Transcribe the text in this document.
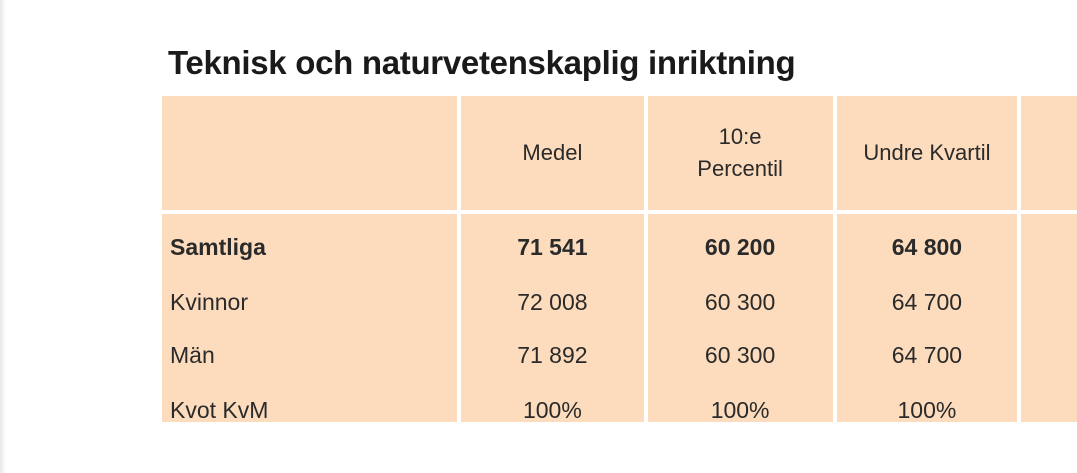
Teknisk och naturvetenskaplig inriktning
	Medel	10:e Percentil	Undre Kvartil	
Samtliga	71 541	60 200	64 800	
Kvinnor	72 008	60 300	64 700	
Män	71 892	60 300	64 700	
Kvot KvM	100%	100%	100%	
